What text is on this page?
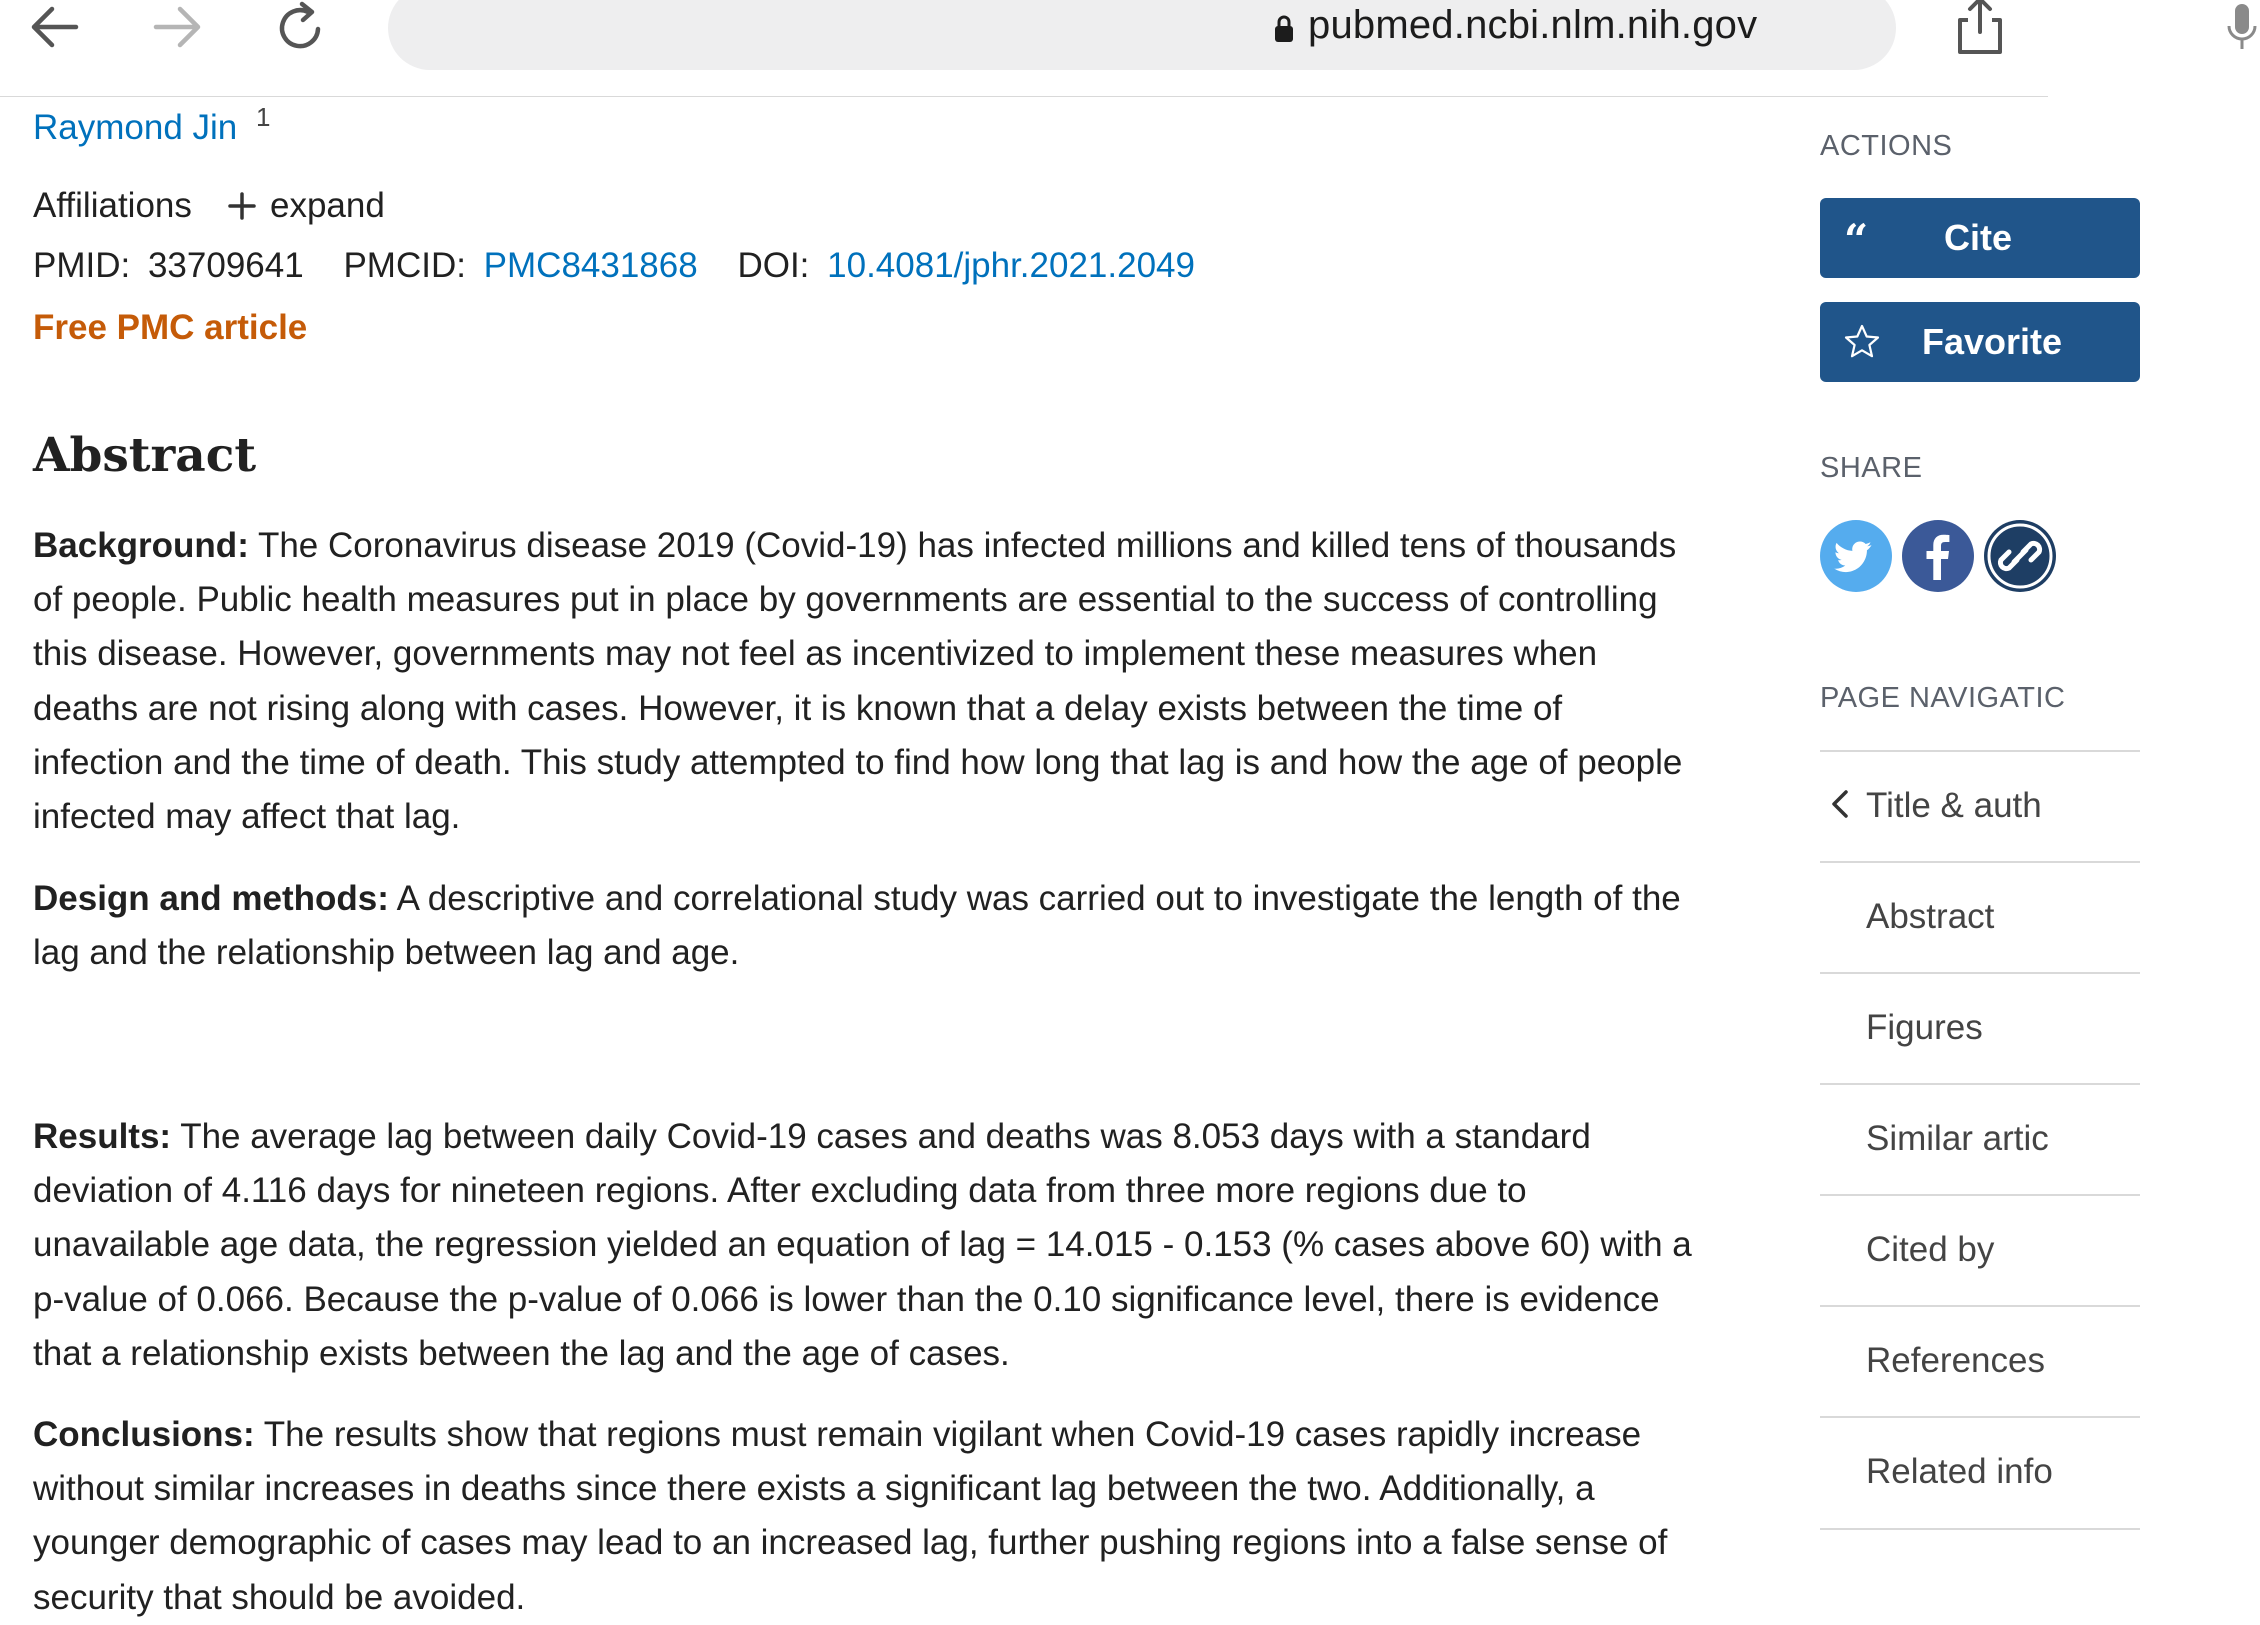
pubmed.ncbi.nlm.nih.gov
Raymond Jin 1
Affiliations expand
PMID: 33709641 PMCID: PMC8431868 DOI: 10.4081/jphr.2021.2049
Free PMC article
Abstract
Background: The Coronavirus disease 2019 (Covid-19) has infected millions and killed tens of thousands of people. Public health measures put in place by governments are essential to the success of controlling this disease. However, governments may not feel as incentivized to implement these measures when deaths are not rising along with cases. However, it is known that a delay exists between the time of infection and the time of death. This study attempted to find how long that lag is and how the age of people infected may affect that lag.
Design and methods: A descriptive and correlational study was carried out to investigate the length of the lag and the relationship between lag and age.
Results: The average lag between daily Covid-19 cases and deaths was 8.053 days with a standard deviation of 4.116 days for nineteen regions. After excluding data from three more regions due to unavailable age data, the regression yielded an equation of lag = 14.015 - 0.153 (% cases above 60) with a p-value of 0.066. Because the p-value of 0.066 is lower than the 0.10 significance level, there is evidence that a relationship exists between the lag and the age of cases.
Conclusions: The results show that regions must remain vigilant when Covid-19 cases rapidly increase without similar increases in deaths since there exists a significant lag between the two. Additionally, a younger demographic of cases may lead to an increased lag, further pushing regions into a false sense of security that should be avoided.
ACTIONS
“ Cite
Favorite
SHARE
PAGE NAVIGATIC
Title & auth
Abstract
Figures
Similar artic
Cited by
References
Related info
